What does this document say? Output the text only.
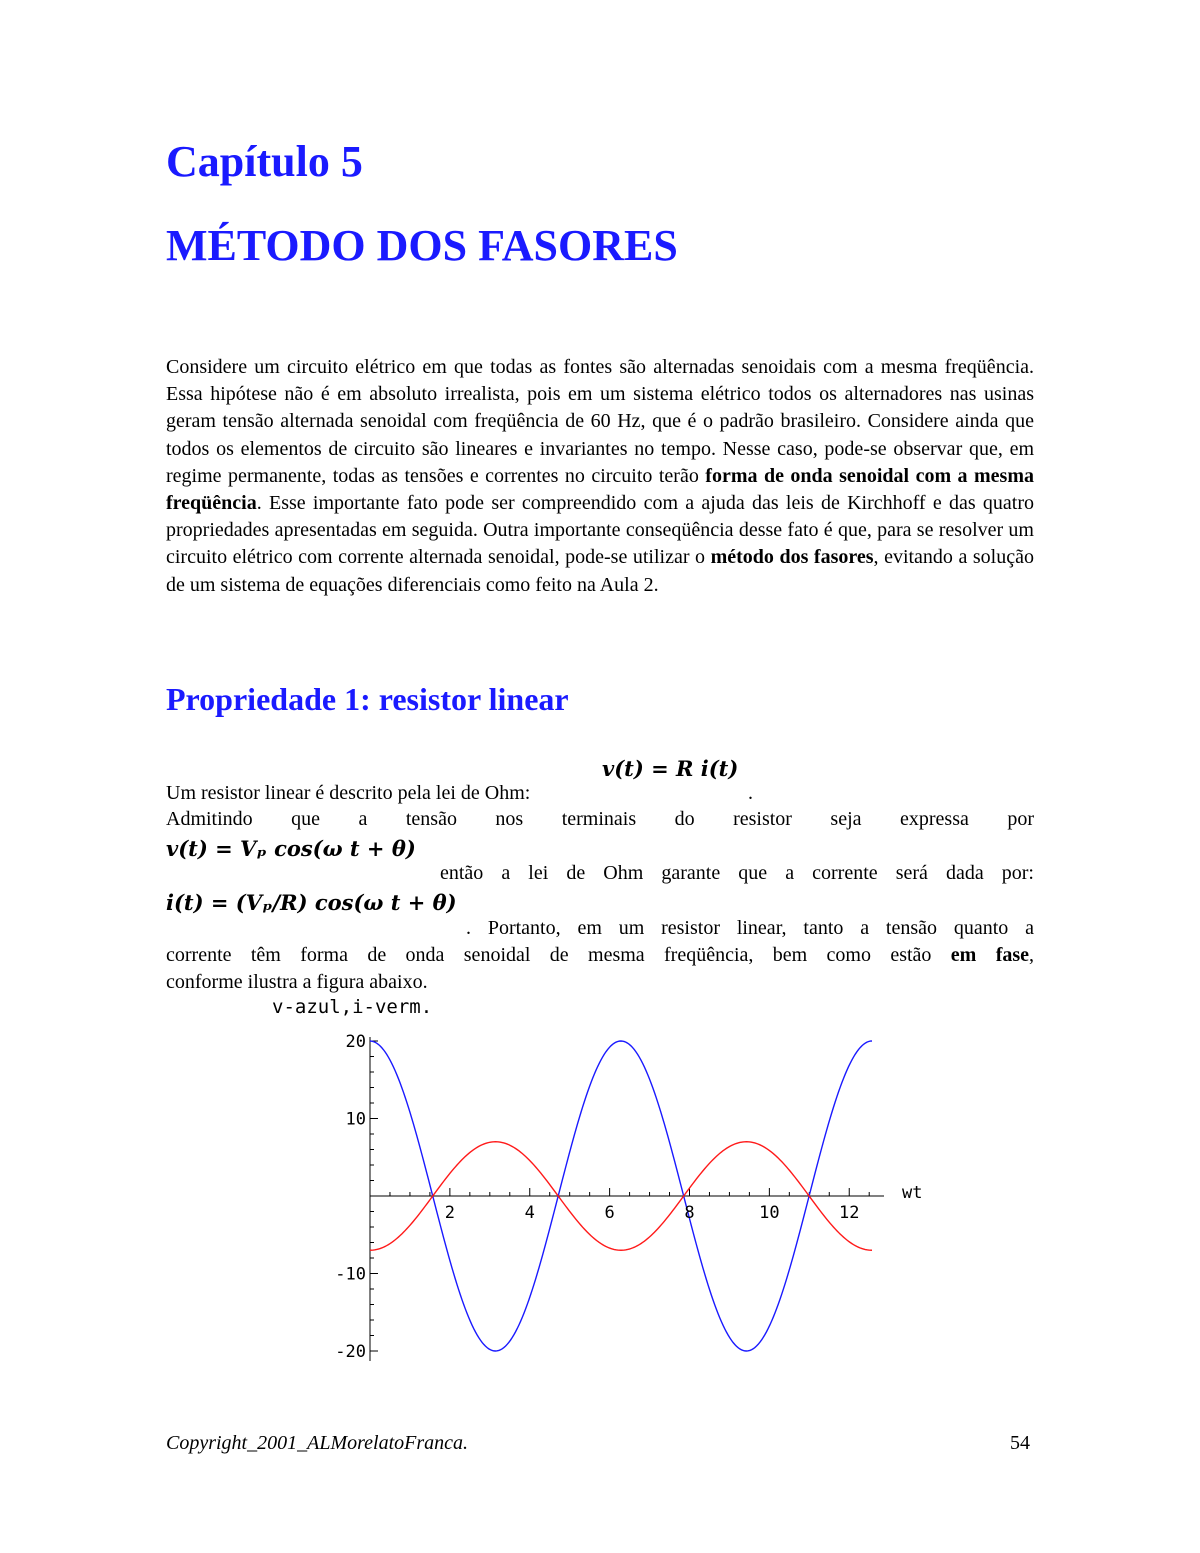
Capítulo 5
MÉTODO DOS FASORES

Considere um circuito elétrico em que todas as fontes são alternadas senoidais com a mesma freqüência. Essa hipótese não é em absoluto irrealista, pois em um sistema elétrico todos os alternadores nas usinas geram tensão alternada senoidal com freqüência de 60 Hz, que é o padrão brasileiro. Considere ainda que todos os elementos de circuito são lineares e invariantes no tempo. Nesse caso, pode-se observar que, em regime permanente, todas as tensões e correntes no circuito terão forma de onda senoidal com a mesma freqüência. Esse importante fato pode ser compreendido com a ajuda das leis de Kirchhoff e das quatro propriedades apresentadas em seguida. Outra importante conseqüência desse fato é que, para se resolver um circuito elétrico com corrente alternada senoidal, pode-se utilizar o método dos fasores, evitando a solução de um sistema de equações diferenciais como feito na Aula 2.

Propriedade 1: resistor linear
v(t) = R i(t)
Um resistor linear é descrito pela lei de Ohm:	.
Admitindo que a tensão nos terminais do resistor seja expressa por
v(t) = Vₚ cos(ω t + θ)
então a lei de Ohm garante que a corrente será dada por:
i(t) = (Vₚ/R) cos(ω t + θ)
. Portanto, em um resistor linear, tanto a tensão quanto a
corrente têm forma de onda senoidal de mesma freqüência, bem como estão em fase,
conforme ilustra a figura abaixo.
v-azul,i-verm.
2	4	6	8	10	12
20
10
-10
-20
wt
Copyright_2001_ALMorelatoFranca.	54
